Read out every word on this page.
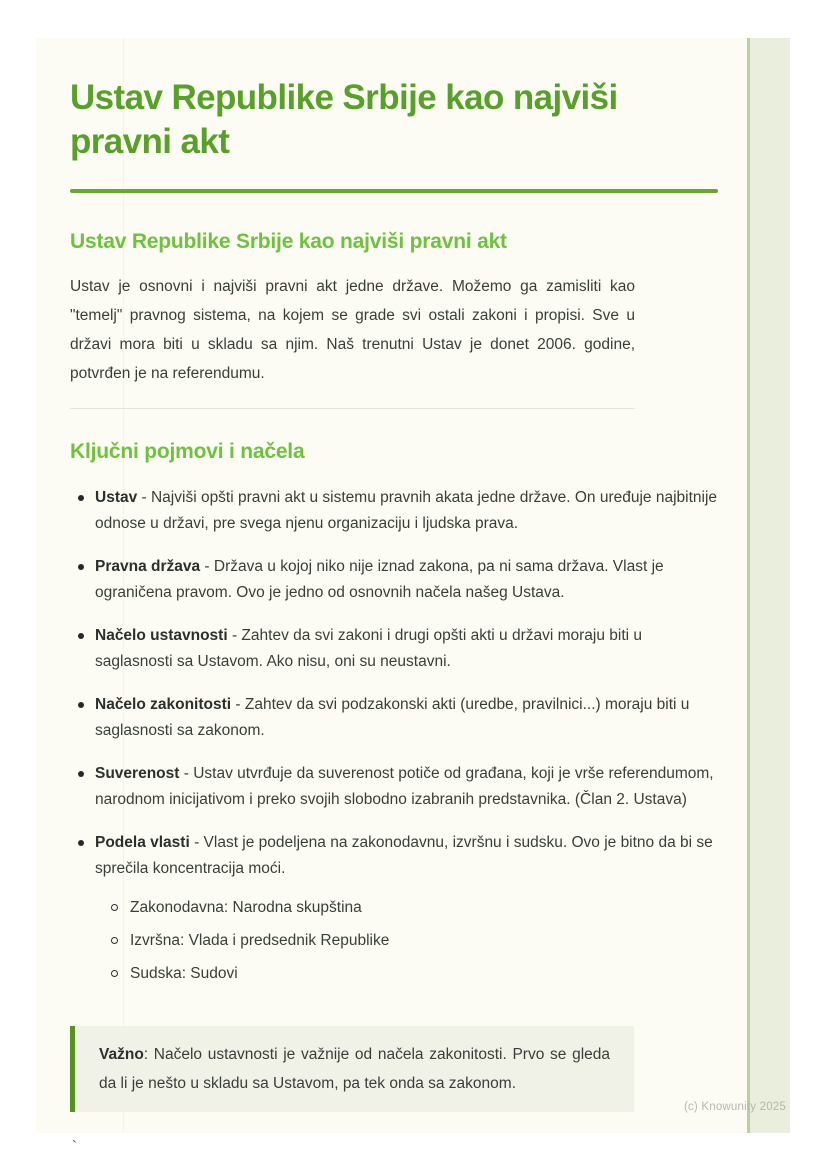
Ustav Republike Srbije kao najviši pravni akt
Ustav Republike Srbije kao najviši pravni akt

Ustav je osnovni i najviši pravni akt jedne države. Možemo ga zamisliti kao "temelj" pravnog sistema, na kojem se grade svi ostali zakoni i propisi. Sve u državi mora biti u skladu sa njim. Naš trenutni Ustav je donet 2006. godine, potvrđen je na referendumu.

Ključni pojmovi i načela

Ustav - Najviši opšti pravni akt u sistemu pravnih akata jedne države. On uređuje najbitnije odnose u državi, pre svega njenu organizaciju i ljudska prava.

Pravna država - Država u kojoj niko nije iznad zakona, pa ni sama država. Vlast je ograničena pravom. Ovo je jedno od osnovnih načela našeg Ustava.

Načelo ustavnosti - Zahtev da svi zakoni i drugi opšti akti u državi moraju biti u saglasnosti sa Ustavom. Ako nisu, oni su neustavni.

Načelo zakonitosti - Zahtev da svi podzakonski akti (uredbe, pravilnici...) moraju biti u saglasnosti sa zakonom.

Suverenost - Ustav utvrđuje da suverenost potiče od građana, koji je vrše referendumom, narodnom inicijativom i preko svojih slobodno izabranih predstavnika. (Član 2. Ustava)

Podela vlasti - Vlast je podeljena na zakonodavnu, izvršnu i sudsku. Ovo je bitno da bi se sprečila koncentracija moći.

Zakonodavna: Narodna skupština
Izvršna: Vlada i predsednik Republike
Sudska: Sudovi

Važno: Načelo ustavnosti je važnije od načela zakonitosti. Prvo se gleda da li je nešto u skladu sa Ustavom, pa tek onda sa zakonom.

`
(c) Knowunity 2025
